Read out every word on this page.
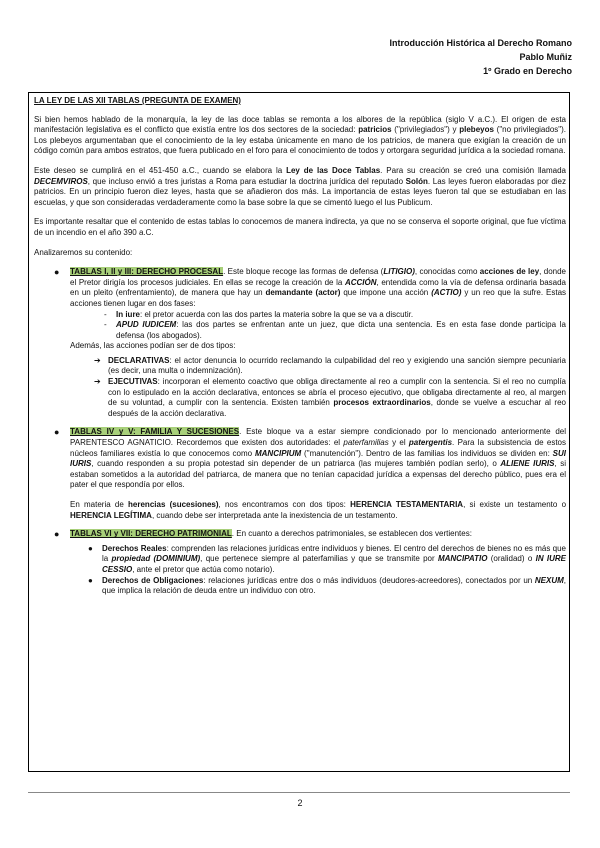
Introducción Histórica al Derecho Romano
Pablo Muñiz
1º Grado en Derecho

LA LEY DE LAS XII TABLAS (PREGUNTA DE EXAMEN)

Si bien hemos hablado de la monarquía, la ley de las doce tablas se remonta a los albores de la república (siglo V a.C.). El origen de esta manifestación legislativa es el conflicto que existía entre los dos sectores de la sociedad: patricios ("privilegiados") y plebeyos ("no privilegiados"). Los plebeyos argumentaban que el conocimiento de la ley estaba únicamente en mano de los patricios, de manera que exigían la creación de un código común para ambos estratos, que fuera publicado en el foro para el conocimiento de todos y ortorgara seguridad jurídica a la sociedad romana.

Este deseo se cumplirá en el 451-450 a.C., cuando se elabora la Ley de las Doce Tablas. Para su creación se creó una comisión llamada DECEMVIROS, que incluso envió a tres juristas a Roma para estudiar la doctrina jurídica del reputado Solón. Las leyes fueron elaboradas por diez patricios. En un principio fueron diez leyes, hasta que se añadieron dos más. La importancia de estas leyes fueron tal que se estudiaban en las escuelas, y que son consideradas verdaderamente como la base sobre la que se cimentó luego el Ius Publicum.

Es importante resaltar que el contenido de estas tablas lo conocemos de manera indirecta, ya que no se conserva el soporte original, que fue víctima de un incendio en el año 390 a.C.

Analizaremos su contenido:

● TABLAS I, II y III: DERECHO PROCESAL. Este bloque recoge las formas de defensa (LITIGIO), conocidas como acciones de ley, donde el Pretor dirigía los procesos judiciales. En ellas se recoge la creación de la ACCIÓN, entendida como la vía de defensa ordinaria basada en un pleito (enfrentamiento), de manera que hay un demandante (actor) que impone una acción (ACTIO) y un reo que la sufre. Estas acciones tienen lugar en dos fases:
- In iure: el pretor acuerda con las dos partes la materia sobre la que se va a discutir.
- APUD IUDICEM: las dos partes se enfrentan ante un juez, que dicta una sentencia. Es en esta fase donde participa la defensa (los abogados).
Además, las acciones podían ser de dos tipos:
➔ DECLARATIVAS: el actor denuncia lo ocurrido reclamando la culpabilidad del reo y exigiendo una sanción siempre pecuniaria (es decir, una multa o indemnización).
➔ EJECUTIVAS: incorporan el elemento coactivo que obliga directamente al reo a cumplir con la sentencia. Si el reo no cumplía con lo estipulado en la acción declarativa, entonces se abría el proceso ejecutivo, que obligaba directamente al reo, al margen de su voluntad, a cumplir con la sentencia. Existen también procesos extraordinarios, donde se vuelve a escuchar al reo después de la acción declarativa.
● TABLAS IV y V: FAMILIA Y SUCESIONES. Este bloque va a estar siempre condicionado por lo mencionado anteriormente del PARENTESCO AGNATICIO. Recordemos que existen dos autoridades: el paterfamilias y el patergentis. Para la subsistencia de estos núcleos familiares existía lo que conocemos como MANCIPIUM ("manutención"). Dentro de las familias los individuos se dividen en: SUI IURIS, cuando responden a su propia potestad sin depender de un patriarca (las mujeres también podían serlo), o ALIENE IURIS, si estaban sometidos a la autoridad del patriarca, de manera que no tenían capacidad jurídica a expensas del derecho público, pues era el pater el que respondía por ellos.
En materia de herencias (sucesiones), nos encontramos con dos tipos: HERENCIA TESTAMENTARIA, si existe un testamento o HERENCIA LEGÍTIMA, cuando debe ser interpretada ante la inexistencia de un testamento.
● TABLAS VI y VII: DERECHO PATRIMONIAL. En cuanto a derechos patrimoniales, se establecen dos vertientes:
● Derechos Reales: comprenden las relaciones jurídicas entre individuos y bienes. El centro del derechos de bienes no es más que la propiedad (DOMINIUM), que pertenece siempre al paterfamilias y que se transmite por MANCIPATIO (oralidad) o IN IURE CESSIO, ante el pretor que actúa como notario).
● Derechos de Obligaciones: relaciones jurídicas entre dos o más individuos (deudores-acreedores), conectados por un NEXUM, que implica la relación de deuda entre un individuo con otro.
2
